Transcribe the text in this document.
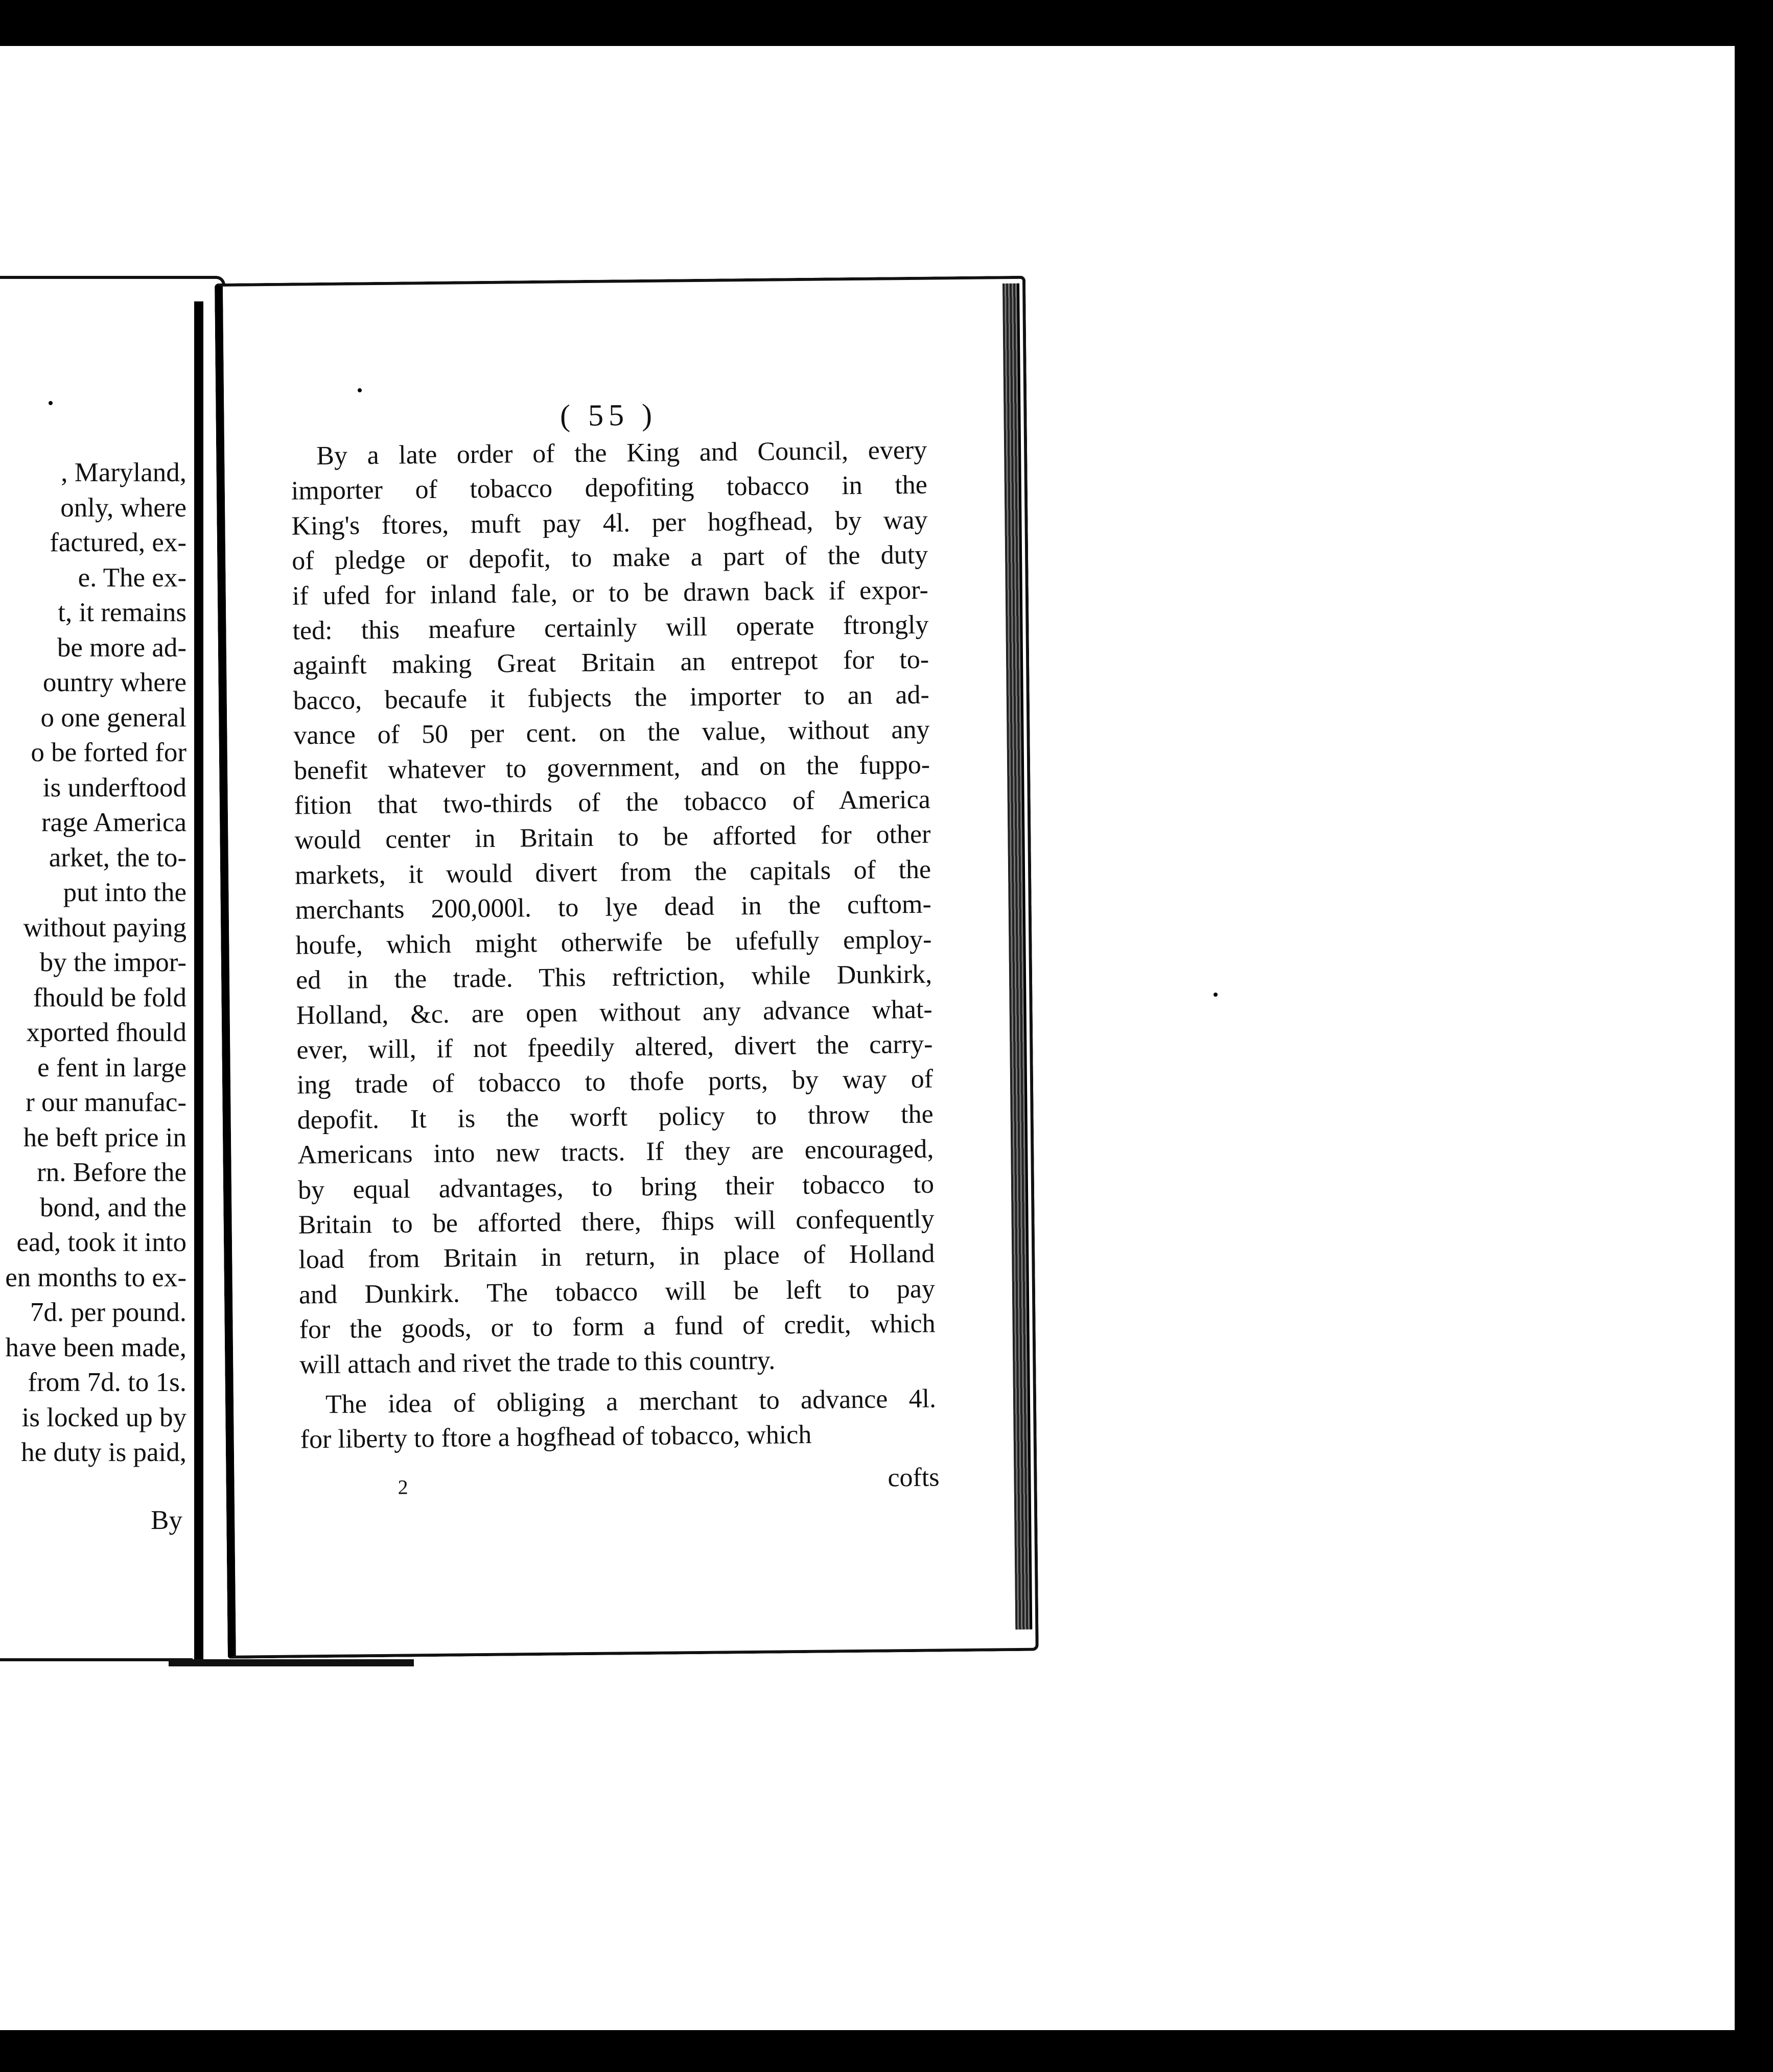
, Maryland,
only, where
factured, ex-
e. The ex-
t, it remains
be more ad-
ountry where
o one general
o be forted for
is underftood
rage America
arket, the to-
put into the
without paying
by the impor-
fhould be fold
xported fhould
e fent in large
r our manufac-
he beft price in
rn. Before the
bond, and the
ead, took it into
en months to ex-
7d. per pound.
have been made,
from 7d. to 1s.
is locked up by
he duty is paid,
By
( 55 )

By a late order of the King and Council, every
importer of tobacco depofiting tobacco in the
King's ftores, muft pay 4l. per hogfhead, by way
of pledge or depofit, to make a part of the duty
if ufed for inland fale, or to be drawn back if expor-
ted: this meafure certainly will operate ftrongly
againft making Great Britain an entrepot for to-
bacco, becaufe it fubjects the importer to an ad-
vance of 50 per cent. on the value, without any
benefit whatever to government, and on the fuppo-
fition that two-thirds of the tobacco of America
would center in Britain to be afforted for other
markets, it would divert from the capitals of the
merchants 200,000l. to lye dead in the cuftom-
houfe, which might otherwife be ufefully employ-
ed in the trade. This reftriction, while Dunkirk,
Holland, &c. are open without any advance what-
ever, will, if not fpeedily altered, divert the carry-
ing trade of tobacco to thofe ports, by way of
depofit. It is the worft policy to throw the
Americans into new tracts. If they are encouraged,
by equal advantages, to bring their tobacco to
Britain to be afforted there, fhips will confequently
load from Britain in return, in place of Holland
and Dunkirk. The tobacco will be left to pay
for the goods, or to form a fund of credit, which
will attach and rivet the trade to this country.

The idea of obliging a merchant to advance 4l.
for liberty to ftore a hogfhead of tobacco, which

2	cofts
